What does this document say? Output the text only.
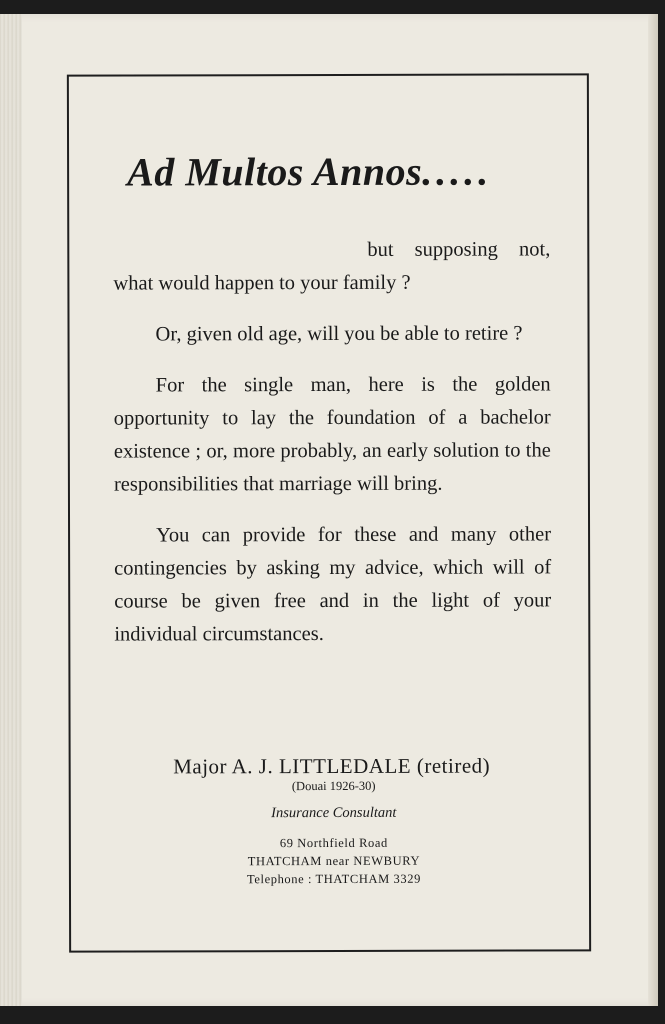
Ad Multos Annos.....

but supposing not, what would happen to your family ?

Or, given old age, will you be able to retire ?

For the single man, here is the golden opportunity to lay the foundation of a bachelor existence ; or, more probably, an early solution to the responsibilities that marriage will bring.

You can provide for these and many other contingencies by asking my advice, which will of course be given free and in the light of your individual circumstances.

Major A. J. LITTLEDALE (retired)
(Douai 1926-30)
Insurance Consultant
69 Northfield Road
THATCHAM near NEWBURY
Telephone : THATCHAM 3329
